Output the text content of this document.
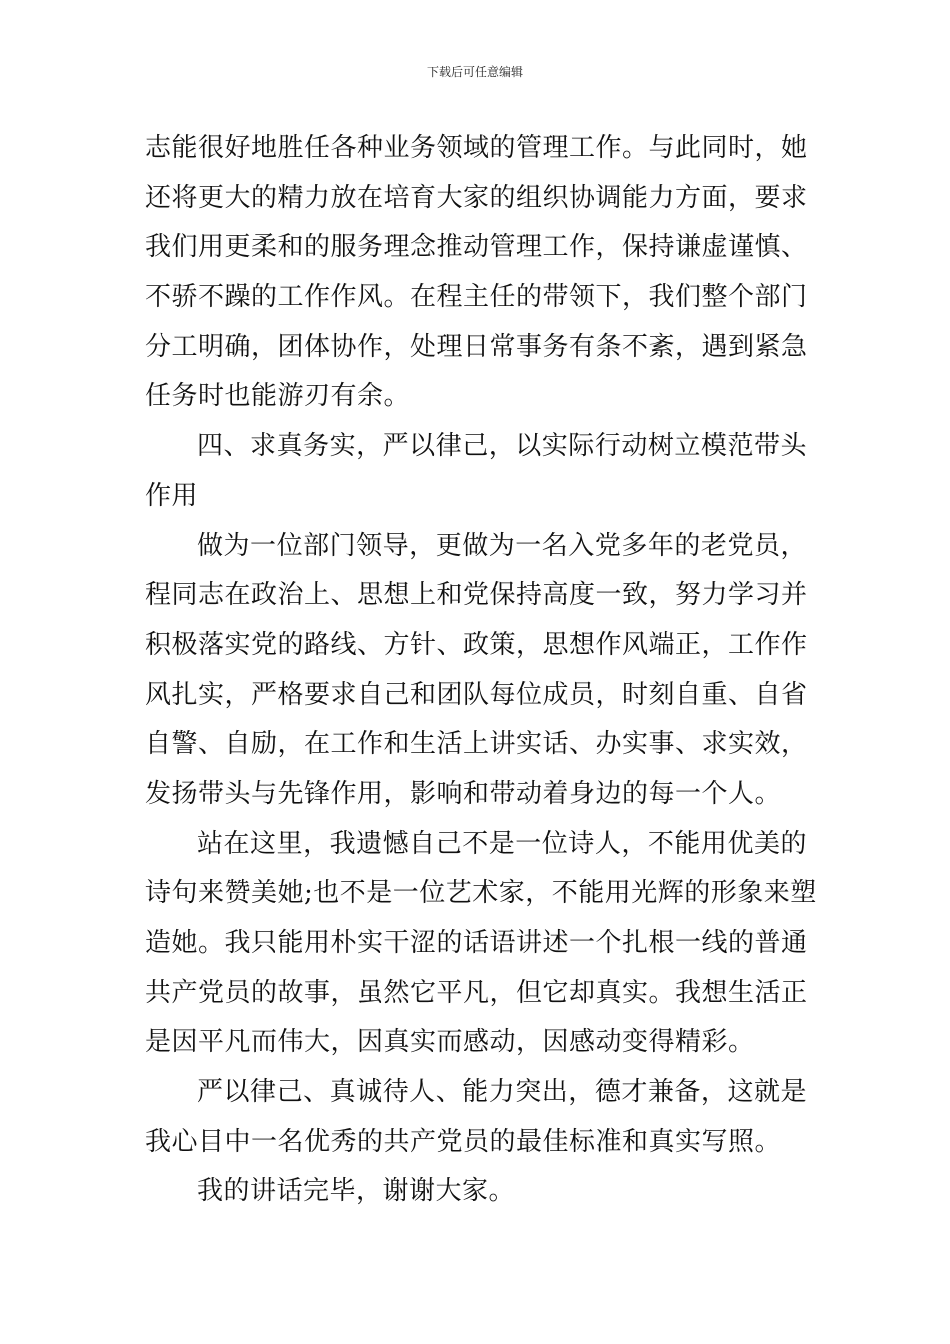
下载后可任意编辑
志能很好地胜任各种业务领域的管理工作。与此同时，她
还将更大的精力放在培育大家的组织协调能力方面，要求
我们用更柔和的服务理念推动管理工作，保持谦虚谨慎、
不骄不躁的工作作风。在程主任的带领下，我们整个部门
分工明确，团体协作，处理日常事务有条不紊，遇到紧急
任务时也能游刃有余。
四、求真务实，严以律己，以实际行动树立模范带头
作用
做为一位部门领导，更做为一名入党多年的老党员，
程同志在政治上、思想上和党保持高度一致，努力学习并
积极落实党的路线、方针、政策，思想作风端正，工作作
风扎实，严格要求自己和团队每位成员，时刻自重、自省
自警、自励，在工作和生活上讲实话、办实事、求实效，
发扬带头与先锋作用，影响和带动着身边的每一个人。
站在这里，我遗憾自己不是一位诗人，不能用优美的
诗句来赞美她;也不是一位艺术家，不能用光辉的形象来塑
造她。我只能用朴实干涩的话语讲述一个扎根一线的普通
共产党员的故事，虽然它平凡，但它却真实。我想生活正
是因平凡而伟大，因真实而感动，因感动变得精彩。
严以律己、真诚待人、能力突出，德才兼备，这就是
我心目中一名优秀的共产党员的最佳标准和真实写照。
我的讲话完毕，谢谢大家。
